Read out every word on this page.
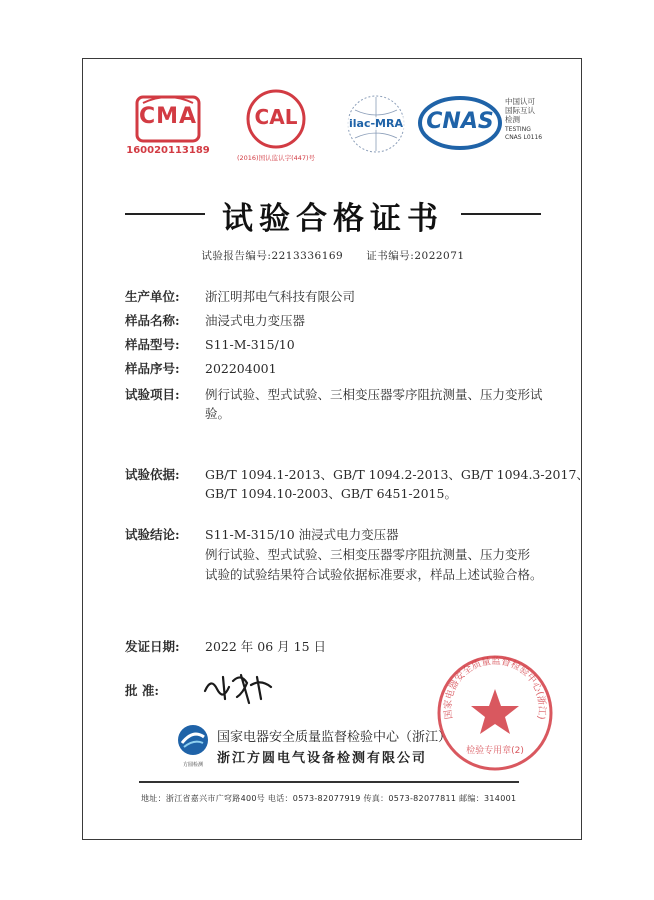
CMA
160020113189
CAL
(2016)国认监认字(447)号
ilac-MRA	CNAS
中国认可
国际互认
检测
TESTING
CNAS L0116
试验合格证书
试验报告编号:2213336169 证书编号:2022071
生产单位: 浙江明邦电气科技有限公司
样品名称: 油浸式电力变压器
样品型号: S11-M-315/10
样品序号: 202204001
试验项目: 例行试验、型式试验、三相变压器零序阻抗测量、压力变形试
验。
试验依据: GB/T 1094.1-2013、GB/T 1094.2-2013、GB/T 1094.3-2017、
GB/T 1094.10-2003、GB/T 6451-2015。
试验结论: S11-M-315/10 油浸式电力变压器
例行试验、型式试验、三相变压器零序阻抗测量、压力变形
试验的试验结果符合试验依据标准要求，样品上述试验合格。
发证日期: 2022 年 06 月 15 日
批 准:
方圆检测
国家电器安全质量监督检验中心（浙江）
浙江方圆电气设备检测有限公司
地址：浙江省嘉兴市广穹路400号 电话：0573-82077919 传真：0573-82077811 邮编：314001
国家电器安全质量监督检验中心(浙江)
检验专用章(2)
